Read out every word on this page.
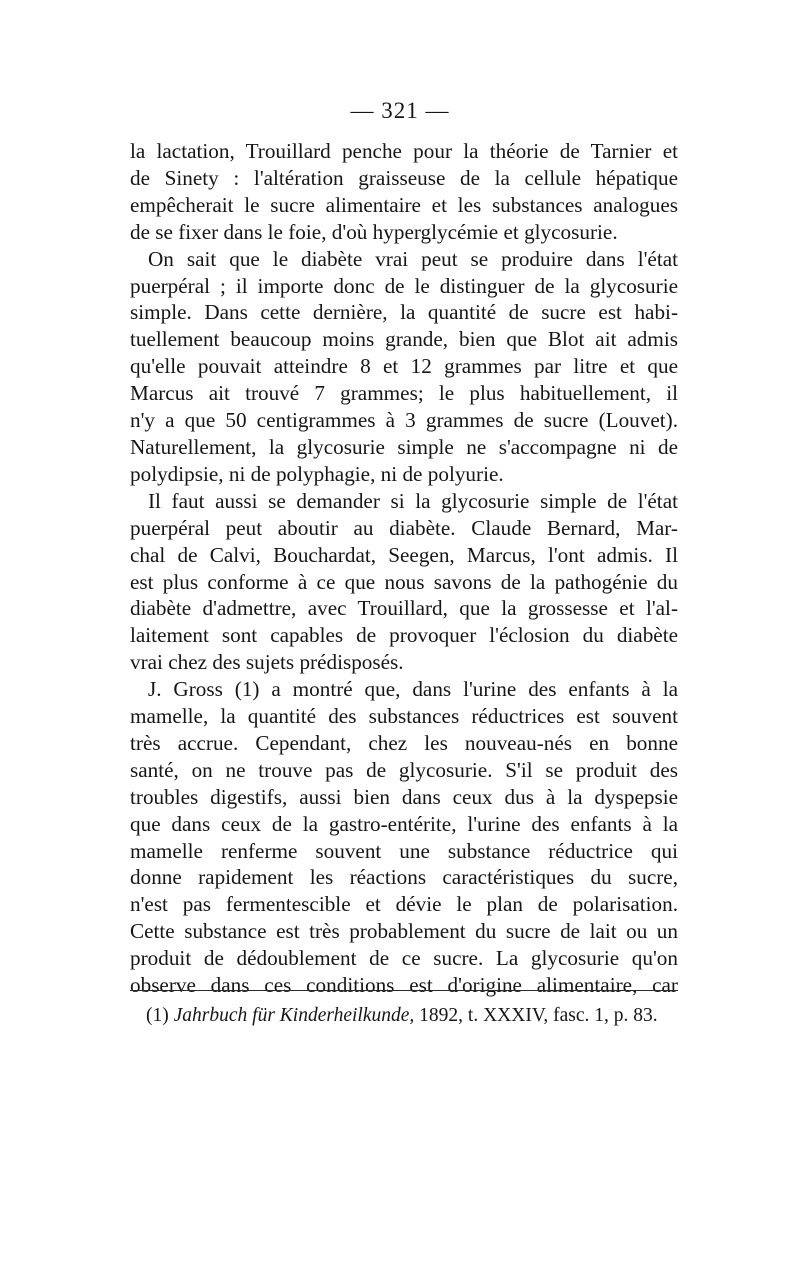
— 321 —
la lactation, Trouillard penche pour la théorie de Tarnier et
de Sinety : l'altération graisseuse de la cellule hépatique
empêcherait le sucre alimentaire et les substances analogues
de se fixer dans le foie, d'où hyperglycémie et glycosurie.
On sait que le diabète vrai peut se produire dans l'état
puerpéral ; il importe donc de le distinguer de la glycosurie
simple. Dans cette dernière, la quantité de sucre est habi-
tuellement beaucoup moins grande, bien que Blot ait admis
qu'elle pouvait atteindre 8 et 12 grammes par litre et que
Marcus ait trouvé 7 grammes; le plus habituellement, il
n'y a que 50 centigrammes à 3 grammes de sucre (Louvet).
Naturellement, la glycosurie simple ne s'accompagne ni de
polydipsie, ni de polyphagie, ni de polyurie.
Il faut aussi se demander si la glycosurie simple de l'état
puerpéral peut aboutir au diabète. Claude Bernard, Mar-
chal de Calvi, Bouchardat, Seegen, Marcus, l'ont admis. Il
est plus conforme à ce que nous savons de la pathogénie du
diabète d'admettre, avec Trouillard, que la grossesse et l'al-
laitement sont capables de provoquer l'éclosion du diabète
vrai chez des sujets prédisposés.
J. Gross (1) a montré que, dans l'urine des enfants à la
mamelle, la quantité des substances réductrices est souvent
très accrue. Cependant, chez les nouveau-nés en bonne
santé, on ne trouve pas de glycosurie. S'il se produit des
troubles digestifs, aussi bien dans ceux dus à la dyspepsie
que dans ceux de la gastro-entérite, l'urine des enfants à la
mamelle renferme souvent une substance réductrice qui
donne rapidement les réactions caractéristiques du sucre,
n'est pas fermentescible et dévie le plan de polarisation.
Cette substance est très probablement du sucre de lait ou un
produit de dédoublement de ce sucre. La glycosurie qu'on
observe dans ces conditions est d'origine alimentaire, car
(1) Jahrbuch für Kinderheilkunde, 1892, t. XXXIV, fasc. 1, p. 83.
